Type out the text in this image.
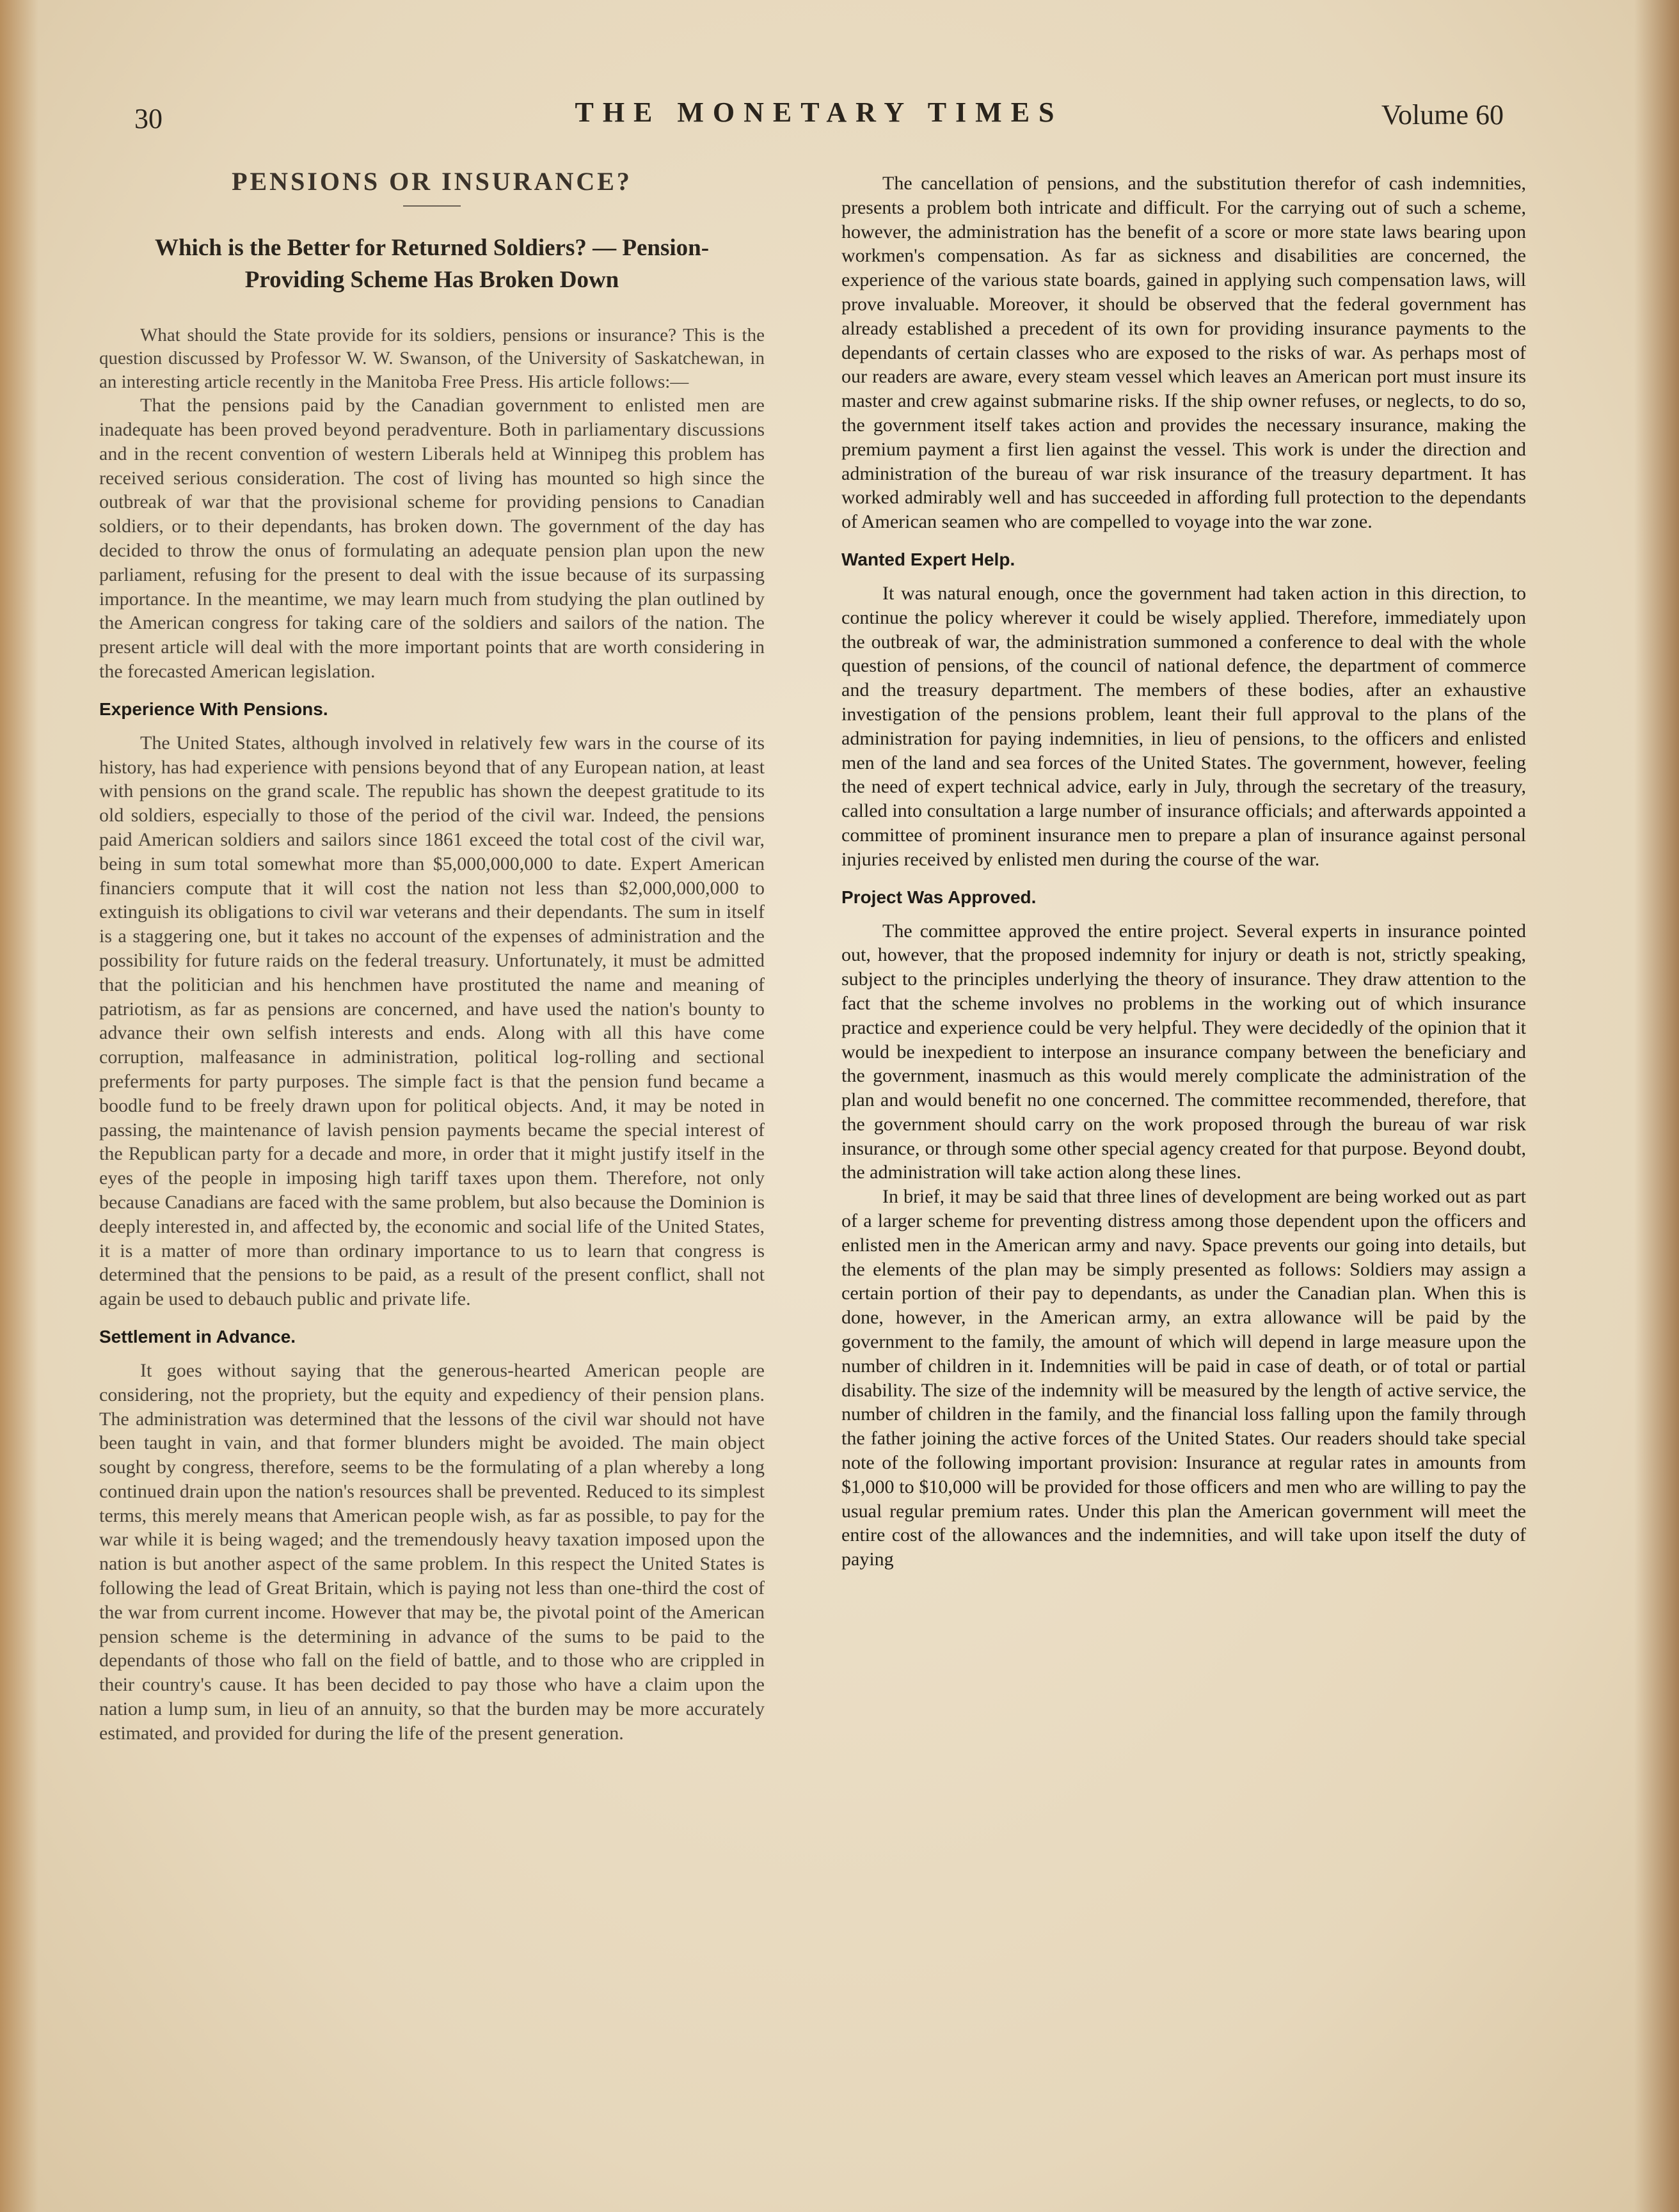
30	THE MONETARY TIMES	Volume 60
PENSIONS OR INSURANCE?
Which is the Better for Returned Soldiers? — Pension-Providing Scheme Has Broken Down

What should the State provide for its soldiers, pensions or insurance? This is the question discussed by Professor W. W. Swanson, of the University of Saskatchewan, in an interesting article recently in the Manitoba Free Press. His article follows:—

That the pensions paid by the Canadian government to enlisted men are inadequate has been proved beyond peradventure. Both in parliamentary discussions and in the recent convention of western Liberals held at Winnipeg this problem has received serious consideration. The cost of living has mounted so high since the outbreak of war that the provisional scheme for providing pensions to Canadian soldiers, or to their dependants, has broken down. The government of the day has decided to throw the onus of formulating an adequate pension plan upon the new parliament, refusing for the present to deal with the issue because of its surpassing importance. In the meantime, we may learn much from studying the plan outlined by the American congress for taking care of the soldiers and sailors of the nation. The present article will deal with the more important points that are worth considering in the forecasted American legislation.

Experience With Pensions.

The United States, although involved in relatively few wars in the course of its history, has had experience with pensions beyond that of any European nation, at least with pensions on the grand scale. The republic has shown the deepest gratitude to its old soldiers, especially to those of the period of the civil war. Indeed, the pensions paid American soldiers and sailors since 1861 exceed the total cost of the civil war, being in sum total somewhat more than $5,000,000,000 to date. Expert American financiers compute that it will cost the nation not less than $2,000,000,000 to extinguish its obligations to civil war veterans and their dependants. The sum in itself is a staggering one, but it takes no account of the expenses of administration and the possibility for future raids on the federal treasury. Unfortunately, it must be admitted that the politician and his henchmen have prostituted the name and meaning of patriotism, as far as pensions are concerned, and have used the nation's bounty to advance their own selfish interests and ends. Along with all this have come corruption, malfeasance in administration, political log-rolling and sectional preferments for party purposes. The simple fact is that the pension fund became a boodle fund to be freely drawn upon for political objects. And, it may be noted in passing, the maintenance of lavish pension payments became the special interest of the Republican party for a decade and more, in order that it might justify itself in the eyes of the people in imposing high tariff taxes upon them. Therefore, not only because Canadians are faced with the same problem, but also because the Dominion is deeply interested in, and affected by, the economic and social life of the United States, it is a matter of more than ordinary importance to us to learn that congress is determined that the pensions to be paid, as a result of the present conflict, shall not again be used to debauch public and private life.

Settlement in Advance.

It goes without saying that the generous-hearted American people are considering, not the propriety, but the equity and expediency of their pension plans. The administration was determined that the lessons of the civil war should not have been taught in vain, and that former blunders might be avoided. The main object sought by congress, therefore, seems to be the formulating of a plan whereby a long continued drain upon the nation's resources shall be prevented. Reduced to its simplest terms, this merely means that American people wish, as far as possible, to pay for the war while it is being waged; and the tremendously heavy taxation imposed upon the nation is but another aspect of the same problem. In this respect the United States is following the lead of Great Britain, which is paying not less than one-third the cost of the war from current income. However that may be, the pivotal point of the American pension scheme is the determining in advance of the sums to be paid to the dependants of those who fall on the field of battle, and to those who are crippled in their country's cause. It has been decided to pay those who have a claim upon the nation a lump sum, in lieu of an annuity, so that the burden may be more accurately estimated, and provided for during the life of the present generation.

The cancellation of pensions, and the substitution therefor of cash indemnities, presents a problem both intricate and difficult. For the carrying out of such a scheme, however, the administration has the benefit of a score or more state laws bearing upon workmen's compensation. As far as sickness and disabilities are concerned, the experience of the various state boards, gained in applying such compensation laws, will prove invaluable. Moreover, it should be observed that the federal government has already established a precedent of its own for providing insurance payments to the dependants of certain classes who are exposed to the risks of war. As perhaps most of our readers are aware, every steam vessel which leaves an American port must insure its master and crew against submarine risks. If the ship owner refuses, or neglects, to do so, the government itself takes action and provides the necessary insurance, making the premium payment a first lien against the vessel. This work is under the direction and administration of the bureau of war risk insurance of the treasury department. It has worked admirably well and has succeeded in affording full protection to the dependants of American seamen who are compelled to voyage into the war zone.

Wanted Expert Help.

It was natural enough, once the government had taken action in this direction, to continue the policy wherever it could be wisely applied. Therefore, immediately upon the outbreak of war, the administration summoned a conference to deal with the whole question of pensions, of the council of national defence, the department of commerce and the treasury department. The members of these bodies, after an exhaustive investigation of the pensions problem, leant their full approval to the plans of the administration for paying indemnities, in lieu of pensions, to the officers and enlisted men of the land and sea forces of the United States. The government, however, feeling the need of expert technical advice, early in July, through the secretary of the treasury, called into consultation a large number of insurance officials; and afterwards appointed a committee of prominent insurance men to prepare a plan of insurance against personal injuries received by enlisted men during the course of the war.

Project Was Approved.

The committee approved the entire project. Several experts in insurance pointed out, however, that the proposed indemnity for injury or death is not, strictly speaking, subject to the principles underlying the theory of insurance. They draw attention to the fact that the scheme involves no problems in the working out of which insurance practice and experience could be very helpful. They were decidedly of the opinion that it would be inexpedient to interpose an insurance company between the beneficiary and the government, inasmuch as this would merely complicate the administration of the plan and would benefit no one concerned. The committee recommended, therefore, that the government should carry on the work proposed through the bureau of war risk insurance, or through some other special agency created for that purpose. Beyond doubt, the administration will take action along these lines.

In brief, it may be said that three lines of development are being worked out as part of a larger scheme for preventing distress among those dependent upon the officers and enlisted men in the American army and navy. Space prevents our going into details, but the elements of the plan may be simply presented as follows: Soldiers may assign a certain portion of their pay to dependants, as under the Canadian plan. When this is done, however, in the American army, an extra allowance will be paid by the government to the family, the amount of which will depend in large measure upon the number of children in it. Indemnities will be paid in case of death, or of total or partial disability. The size of the indemnity will be measured by the length of active service, the number of children in the family, and the financial loss falling upon the family through the father joining the active forces of the United States. Our readers should take special note of the following important provision: Insurance at regular rates in amounts from $1,000 to $10,000 will be provided for those officers and men who are willing to pay the usual regular premium rates. Under this plan the American government will meet the entire cost of the allowances and the indemnities, and will take upon itself the duty of paying
